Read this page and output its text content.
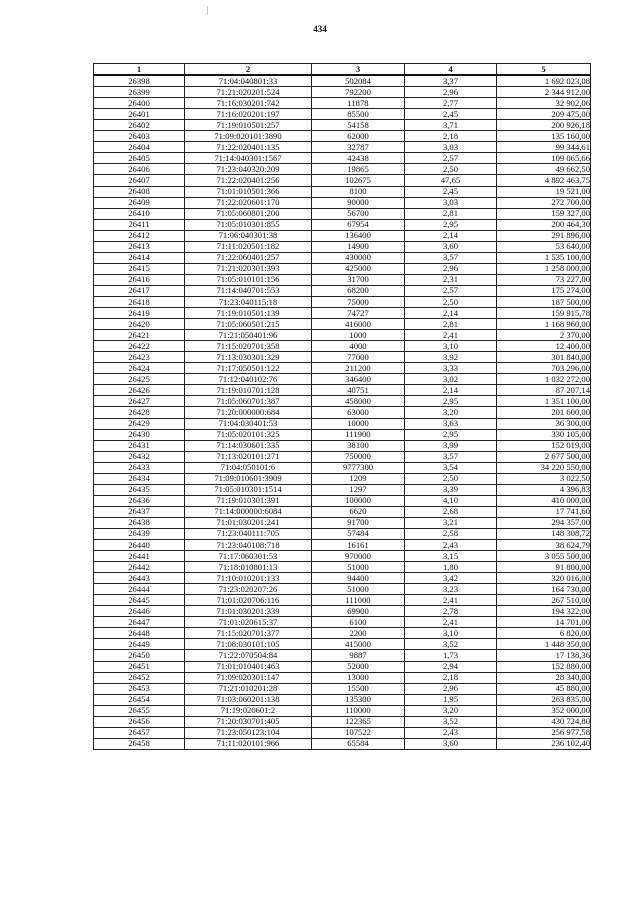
434
1	2	3	4	5
26398	71:04:040801:33	502084	3,37	1 692 023,08
26399	71:21:020201:524	792200	2,96	2 344 912,00
26400	71:16:030201:742	11878	2,77	32 902,06
26401	71:16:020201:197	85500	2,45	209 475,00
26402	71:19:010501:257	54158	3,71	200 926,18
26403	71:09:020101:3890	62000	2,18	135 160,00
26404	71:22:020401:135	32787	3,03	99 344,61
26405	71:14:040301:1567	42438	2,57	109 065,66
26406	71:23:040320:209	19865	2,50	49 662,50
26407	71:22:020401:256	102675	47,65	4 892 463,75
26408	71:01:010501:366	8100	2,45	19 521,00
26409	71:22:020601:170	90000	3,03	272 700,00
26410	71:05:060801:200	56700	2,81	159 327,00
26411	71:05:010301:855	67954	2,95	200 464,30
26412	71:06:040301:38	136400	2,14	291 896,00
26413	71:11:020501:182	14900	3,60	53 640,00
26414	71:22:060401:257	430000	3,57	1 535 100,00
26415	71:21:020301:393	425000	2,96	1 258 000,00
26416	71:05:010101:156	31700	2,31	73 227,00
26417	71:14:040701:553	68200	2,57	175 274,00
26418	71:23:040115:18	75000	2,50	187 500,00
26419	71:19:010501:139	74727	2,14	159 915,78
26420	71:05:060501:215	416000	2,81	1 168 960,00
26421	71:21:050401:96	1000	2,41	2 370,00
26422	71:15:020701:358	4000	3,10	12 400,00
26423	71:13:030301:329	77000	3,92	301 840,00
26424	71:17:050501:122	211200	3,33	703 296,00
26425	71:12:040102:76	346400	3,02	1 032 272,00
26426	71:19:010701:128	40751	2,14	87 207,14
26427	71:05:060701:387	458000	2,95	1 351 100,00
26428	71:20:000000:684	63000	3,20	201 600,00
26429	71:04:030401:53	10000	3,63	36 300,00
26430	71:05:020101:325	111900	2,95	330 105,00
26431	71:14:030601:335	38100	3,99	152 019,00
26432	71:13:020101:271	750000	3,57	2 677 500,00
26433	71:04:050101:6	9777300	3,54	34 220 550,00
26434	71:09:010601:3909	1209	2,50	3 022,50
26435	71:05:010301:1514	1297	3,39	4 396,83
26436	71:19:010301:391	100000	4,10	410 000,00
26437	71:14:000000:6084	6620	2,68	17 741,60
26438	71:01:030201:241	91700	3,21	294 357,00
26439	71:23:040111:705	57484	2,58	148 308,72
26440	71:23:040108:718	16161	2,43	38 624,79
26441	71:17:060301:53	970000	3,15	3 055 500,00
26442	71:18:010801:13	51000	1,80	91 800,00
26443	71:10:010201:133	94400	3,42	320 016,00
26444	71:23:020207:26	51000	3,23	164 730,00
26445	71:01:020706:116	111000	2,41	267 510,00
26446	71:01:030201:339	69900	2,78	194 322,00
26447	71:01:020615:37	6100	2,41	14 701,00
26448	71:15:020701:377	2200	3,10	6 820,00
26449	71:08:030101:105	415000	3,52	1 448 350,00
26450	71:22:070504:84	9887	1,73	17 138,36
26451	71:01:010401:463	52000	2,94	152 880,00
26452	71:09:020301:147	13000	2,18	28 340,00
26453	71:21:010201:28	15500	2,96	45 880,00
26454	71:03:060201:138	135300	1,95	263 835,00
26455	71:19:020601:2	110000	3,20	352 000,00
26456	71:20:030701:405	122365	3,52	430 724,80
26457	71:23:050123:104	107522	2,43	256 977,58
26458	71:11:020101:966	65584	3,60	236 102,40
